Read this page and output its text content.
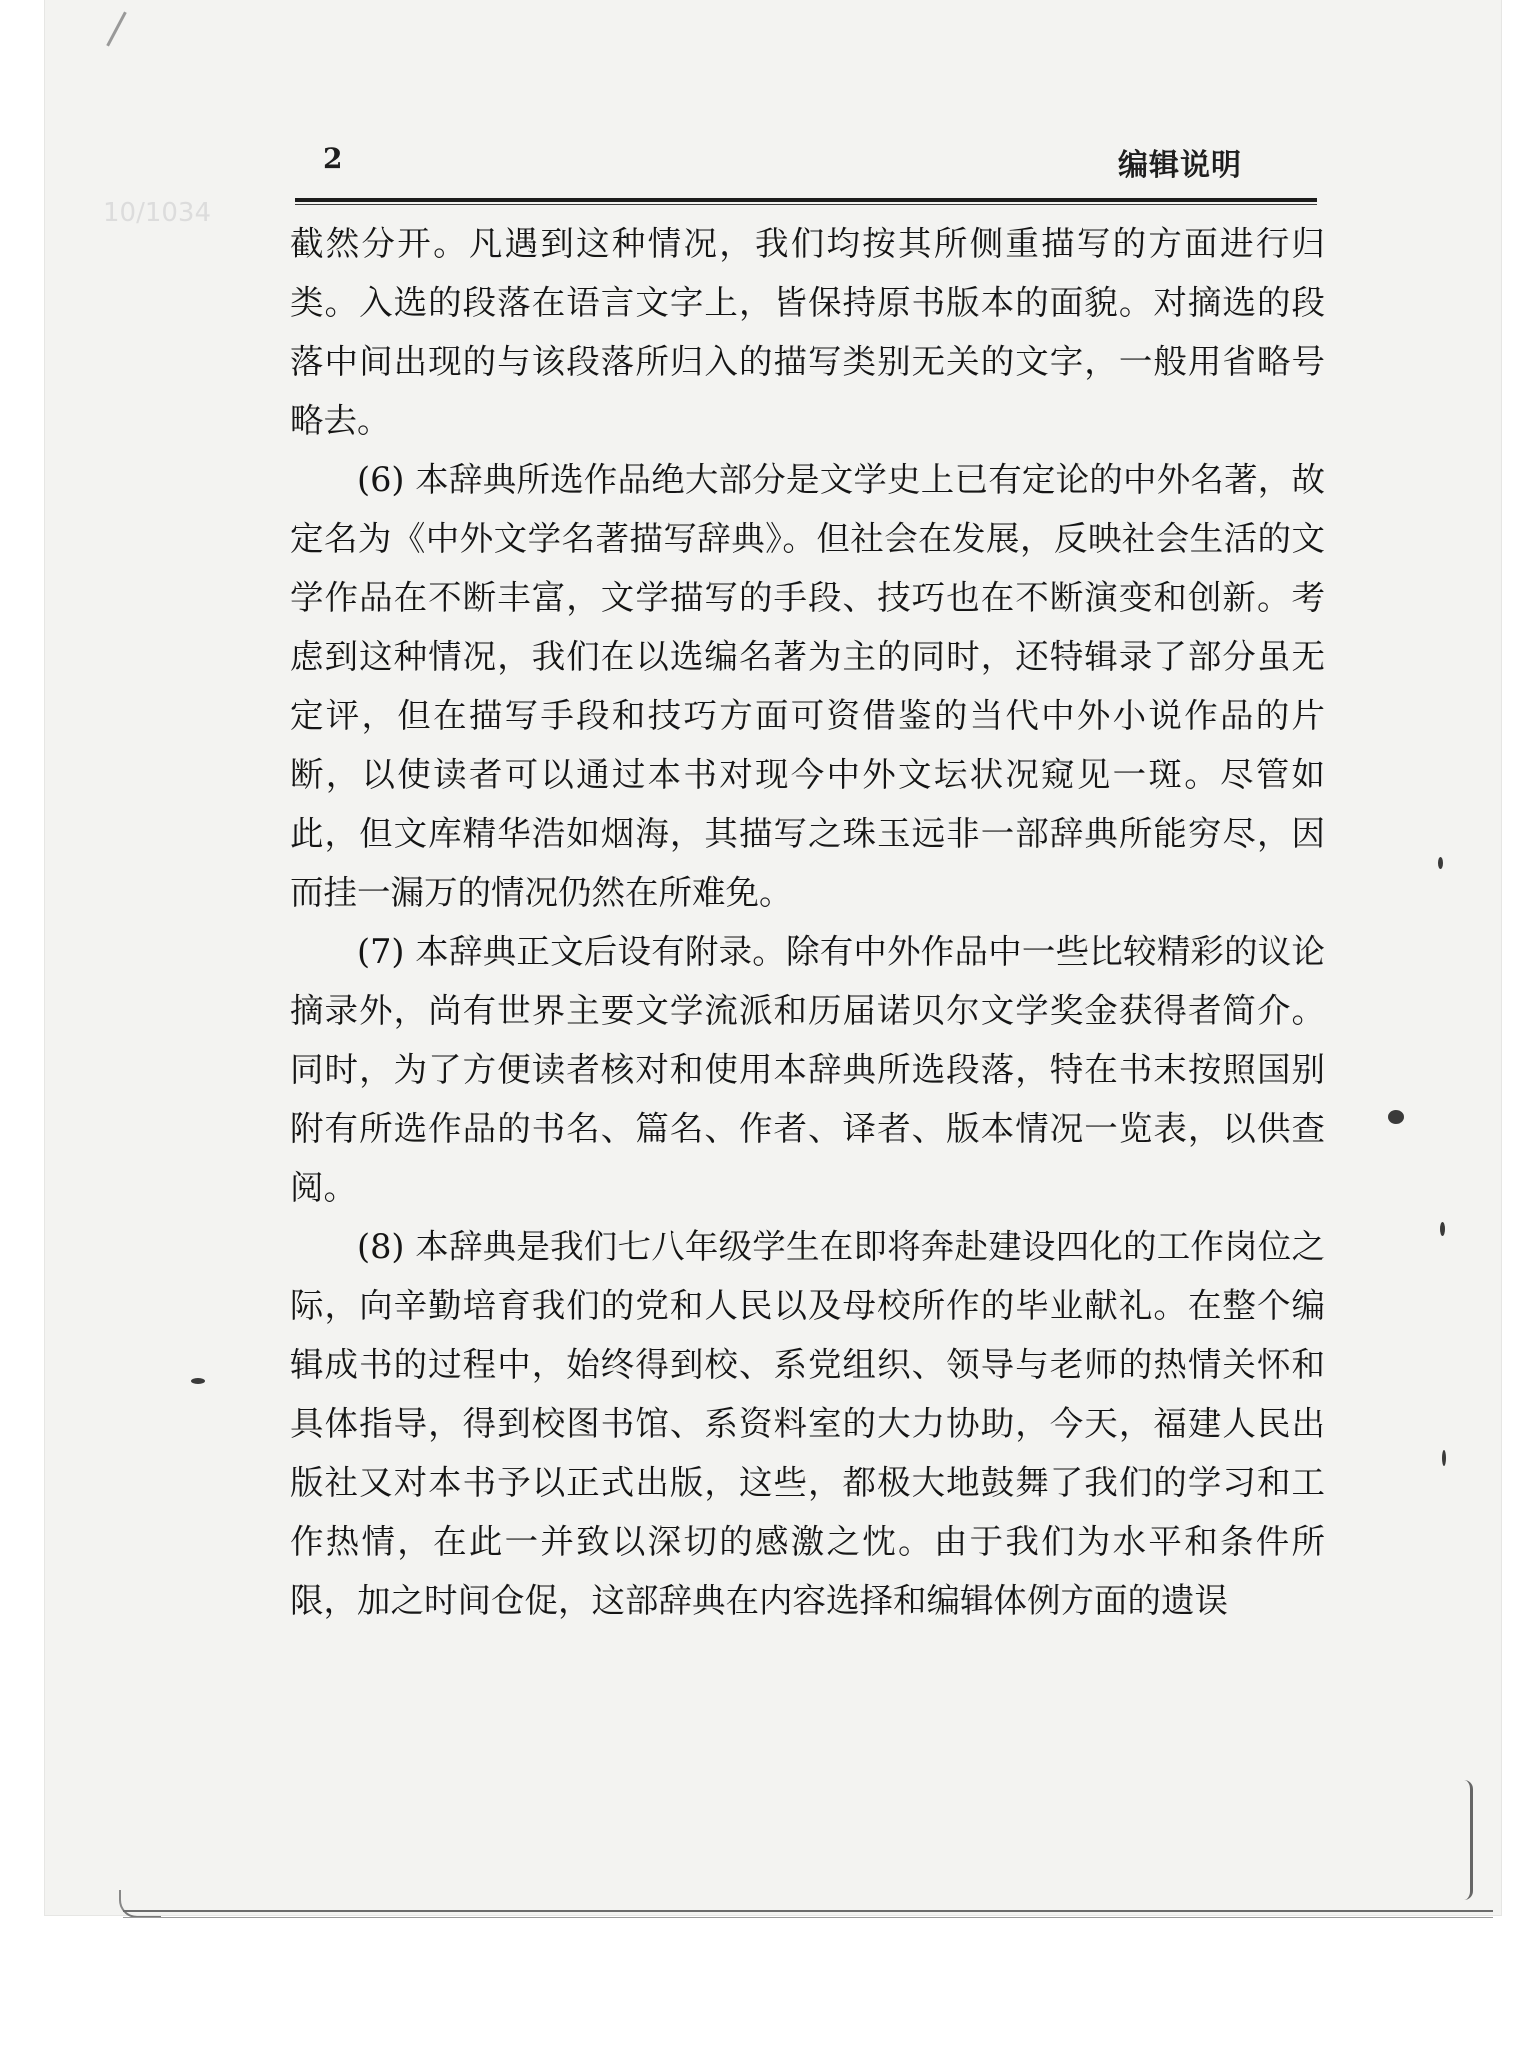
10/1034
2	编辑说明

截然分开。凡遇到这种情况，我们均按其所侧重描写的方面进行归类。入选的段落在语言文字上，皆保持原书版本的面貌。对摘选的段落中间出现的与该段落所归入的描写类别无关的文字，一般用省略号略去。

(6) 本辞典所选作品绝大部分是文学史上已有定论的中外名著，故定名为《中外文学名著描写辞典》。但社会在发展，反映社会生活的文学作品在不断丰富，文学描写的手段、技巧也在不断演变和创新。考虑到这种情况，我们在以选编名著为主的同时，还特辑录了部分虽无定评，但在描写手段和技巧方面可资借鉴的当代中外小说作品的片断，以使读者可以通过本书对现今中外文坛状况窥见一斑。尽管如此，但文库精华浩如烟海，其描写之珠玉远非一部辞典所能穷尽，因而挂一漏万的情况仍然在所难免。

(7) 本辞典正文后设有附录。除有中外作品中一些比较精彩的议论摘录外，尚有世界主要文学流派和历届诺贝尔文学奖金获得者简介。同时，为了方便读者核对和使用本辞典所选段落，特在书末按照国别附有所选作品的书名、篇名、作者、译者、版本情况一览表，以供查阅。

(8) 本辞典是我们七八年级学生在即将奔赴建设四化的工作岗位之际，向辛勤培育我们的党和人民以及母校所作的毕业献礼。在整个编辑成书的过程中，始终得到校、系党组织、领导与老师的热情关怀和具体指导，得到校图书馆、系资料室的大力协助，今天，福建人民出版社又对本书予以正式出版，这些，都极大地鼓舞了我们的学习和工作热情，在此一并致以深切的感激之忱。由于我们为水平和条件所限，加之时间仓促，这部辞典在内容选择和编辑体例方面的遗误
